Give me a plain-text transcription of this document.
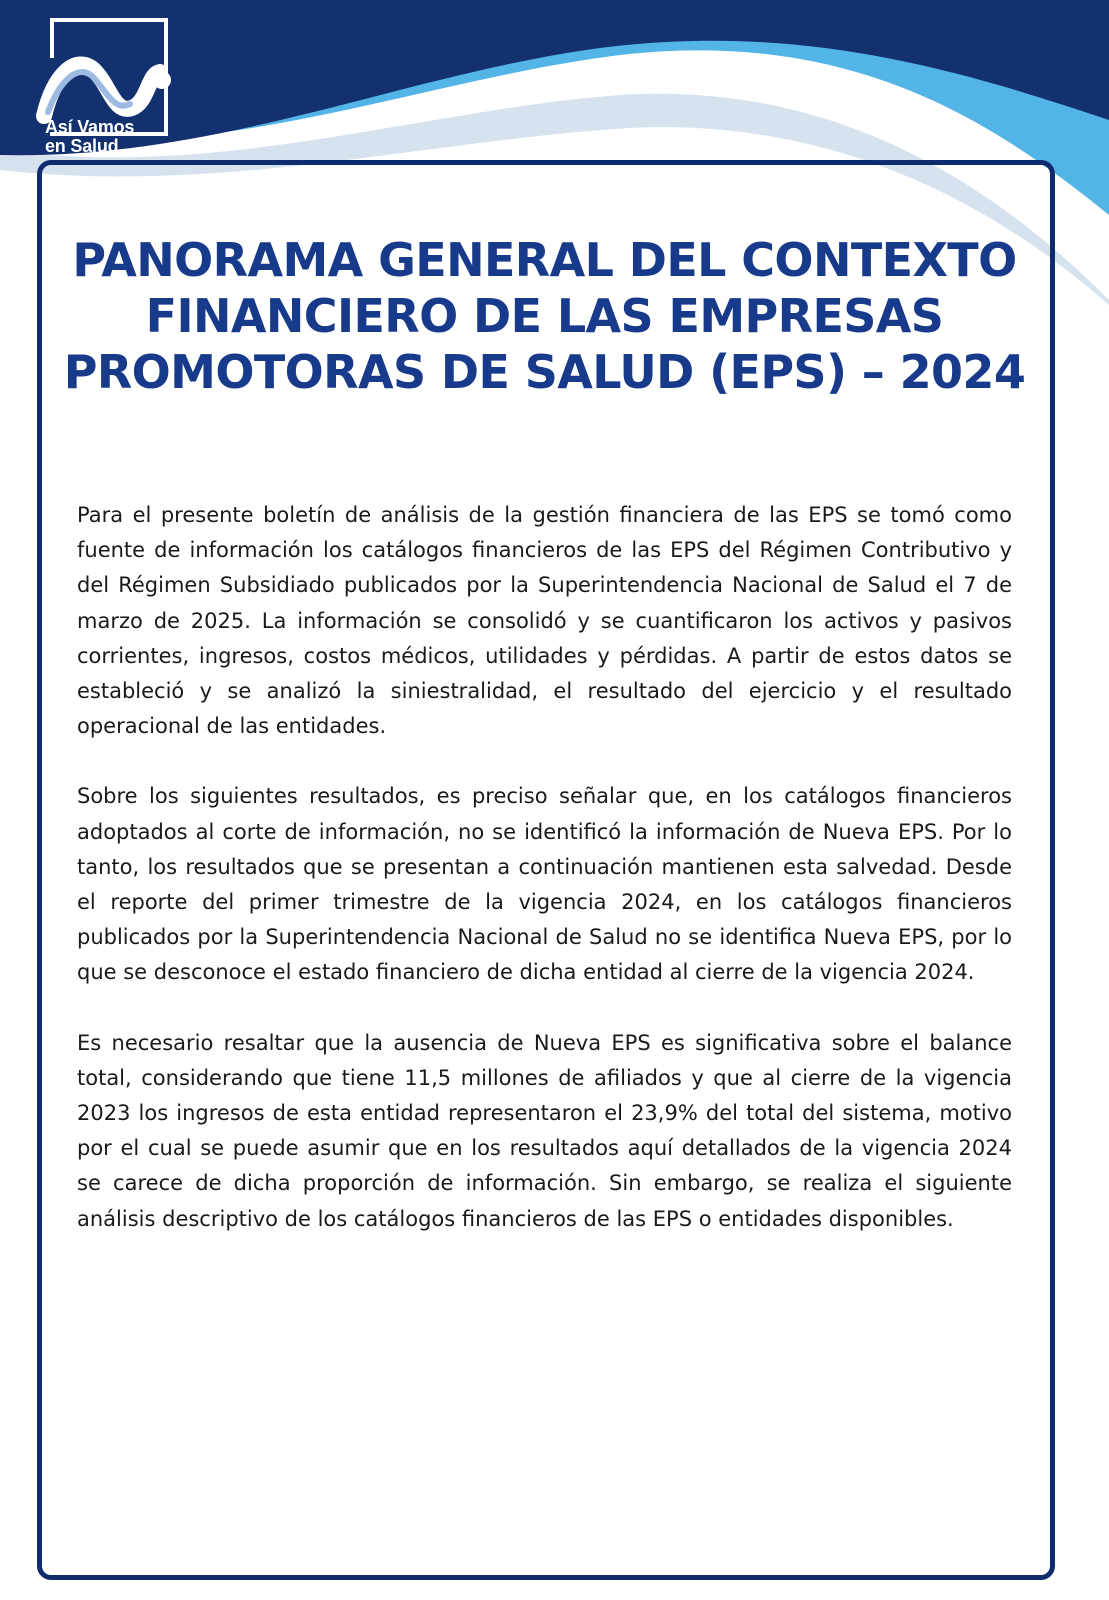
Así Vamos
en Salud.
PANORAMA GENERAL DEL CONTEXTO FINANCIERO DE LAS EMPRESAS PROMOTORAS DE SALUD (EPS) – 2024

Para el presente boletín de análisis de la gestión financiera de las EPS se tomó como fuente de información los catálogos financieros de las EPS del Régimen Contributivo y del Régimen Subsidiado publicados por la Superintendencia Nacional de Salud el 7 de marzo de 2025. La información se consolidó y se cuantificaron los activos y pasivos corrientes, ingresos, costos médicos, utilidades y pérdidas. A partir de estos datos se estableció y se analizó la siniestralidad, el resultado del ejercicio y el resultado operacional de las entidades.

Sobre los siguientes resultados, es preciso señalar que, en los catálogos financieros adoptados al corte de información, no se identificó la información de Nueva EPS. Por lo tanto, los resultados que se presentan a continuación mantienen esta salvedad. Desde el reporte del primer trimestre de la vigencia 2024, en los catálogos financieros publicados por la Superintendencia Nacional de Salud no se identifica Nueva EPS, por lo que se desconoce el estado financiero de dicha entidad al cierre de la vigencia 2024.

Es necesario resaltar que la ausencia de Nueva EPS es significativa sobre el balance total, considerando que tiene 11,5 millones de afiliados y que al cierre de la vigencia 2023 los ingresos de esta entidad representaron el 23,9% del total del sistema, motivo por el cual se puede asumir que en los resultados aquí detallados de la vigencia 2024 se carece de dicha proporción de información. Sin embargo, se realiza el siguiente análisis descriptivo de los catálogos financieros de las EPS o entidades disponibles.
